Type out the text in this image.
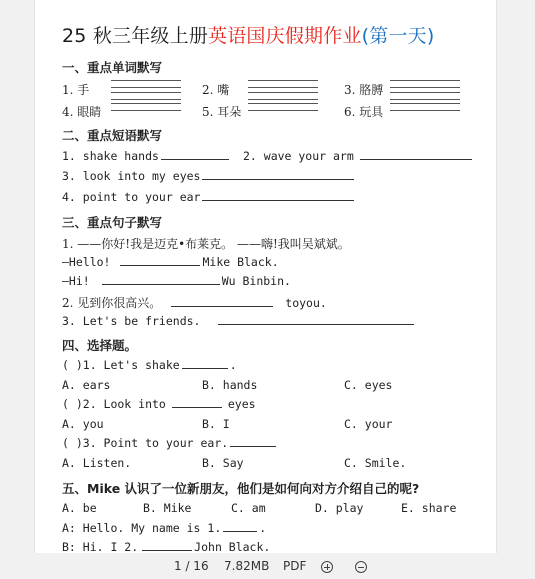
25 秋三年级上册英语国庆假期作业(第一天)
一、重点单词默写
1. 手	2. 嘴	3. 胳膊
4. 眼睛	5. 耳朵	6. 玩具
二、重点短语默写
1. shake hands	2. wave your arm
3. look into my eyes
4. point to your ear
三、重点句子默写
1. ——你好!我是迈克•布莱克。 ——嗨!我叫吴斌斌。
—Hello!	Mike Black.
—Hi!	Wu Binbin.
2. 见到你很高兴。	toyou.
3. Let's be friends.
四、选择题。
( )1. Let's shake	.
A. ears	B. hands	C. eyes
( )2. Look into	eyes
A. you	B. I	C. your
( )3. Point to your ear.
A. Listen.	B. Say	C. Smile.
五、Mike 认识了一位新朋友，他们是如何向对方介绍自己的呢?
A. be	B. Mike	C. am	D. play	E. share
A: Hello. My name is 1.	.
B: Hi. I 2.	John Black.
1 / 16 7.82MB PDF
